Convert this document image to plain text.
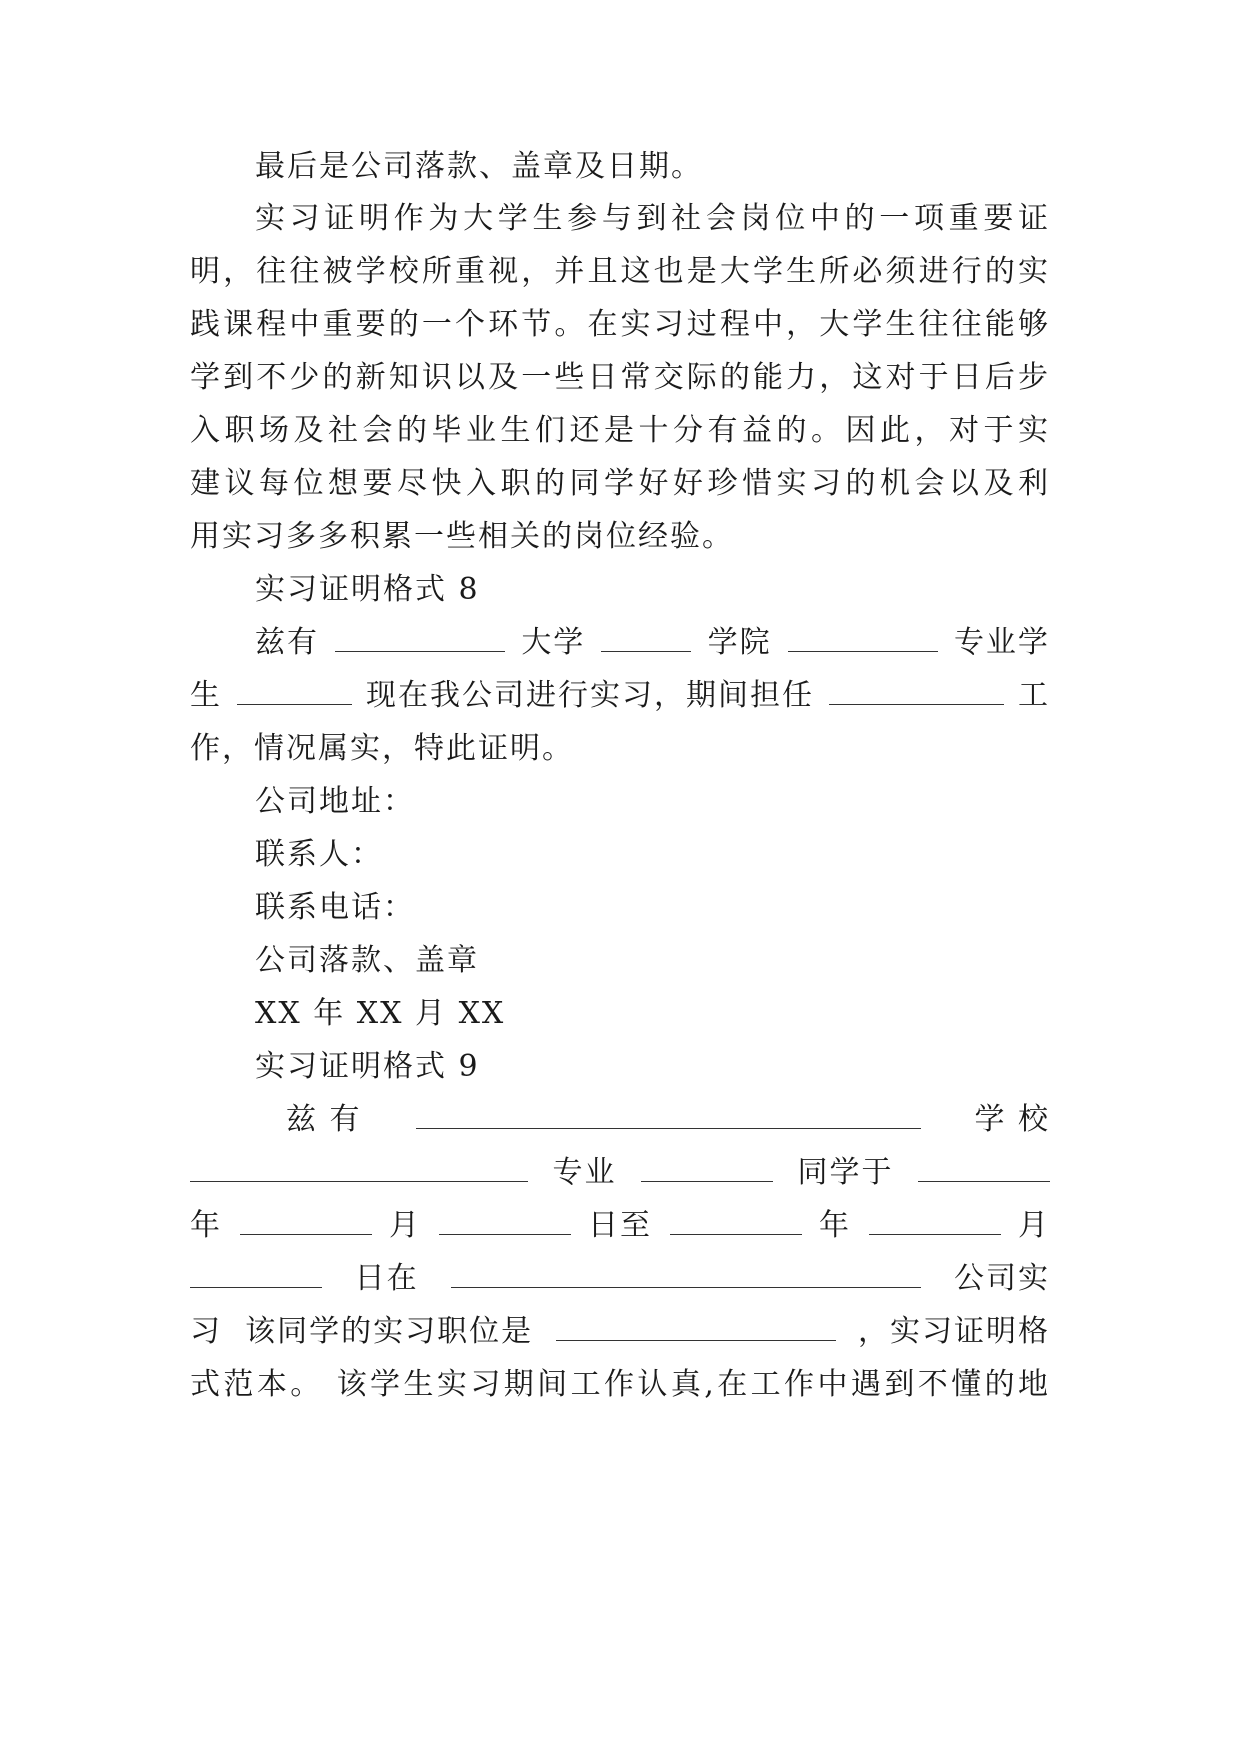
最后是公司落款、盖章及日期。
实习证明作为大学生参与到社会岗位中的一项重要证
明，往往被学校所重视，并且这也是大学生所必须进行的实
践课程中重要的一个环节。在实习过程中，大学生往往能够
学到不少的新知识以及一些日常交际的能力，这对于日后步
入职场及社会的毕业生们还是十分有益的。因此，对于实
建议每位想要尽快入职的同学好好珍惜实习的机会以及利
用实习多多积累一些相关的岗位经验。
实习证明格式 8
兹有	大学	学院	专业学
生	现在我公司进行实习，期间担任	工
作，情况属实，特此证明。
公司地址：
联系人：
联系电话：
公司落款、盖章
XX 年 XX 月 XX
实习证明格式 9
兹 有	学 校
专业	同学于
年	月	日至	年	月
日在	公司实
习  该同学的实习职位是	，实习证明格
式范本。 该学生实习期间工作认真,在工作中遇到不懂的地
